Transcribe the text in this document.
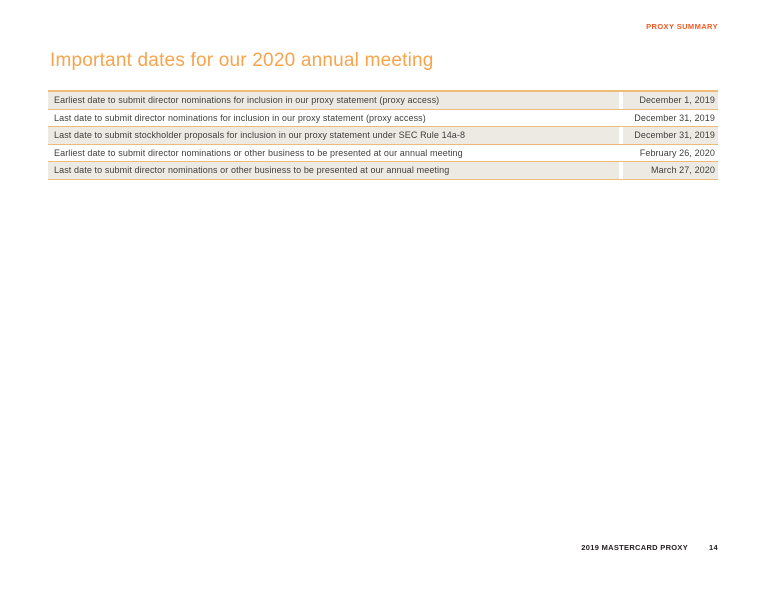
PROXY SUMMARY
Important dates for our 2020 annual meeting
Earliest date to submit director nominations for inclusion in our proxy statement (proxy access)	December 1, 2019
Last date to submit director nominations for inclusion in our proxy statement (proxy access)	December 31, 2019
Last date to submit stockholder proposals for inclusion in our proxy statement under SEC Rule 14a-8	December 31, 2019
Earliest date to submit director nominations or other business to be presented at our annual meeting	February 26, 2020
Last date to submit director nominations or other business to be presented at our annual meeting	March 27, 2020
2019 MASTERCARD PROXY	14
